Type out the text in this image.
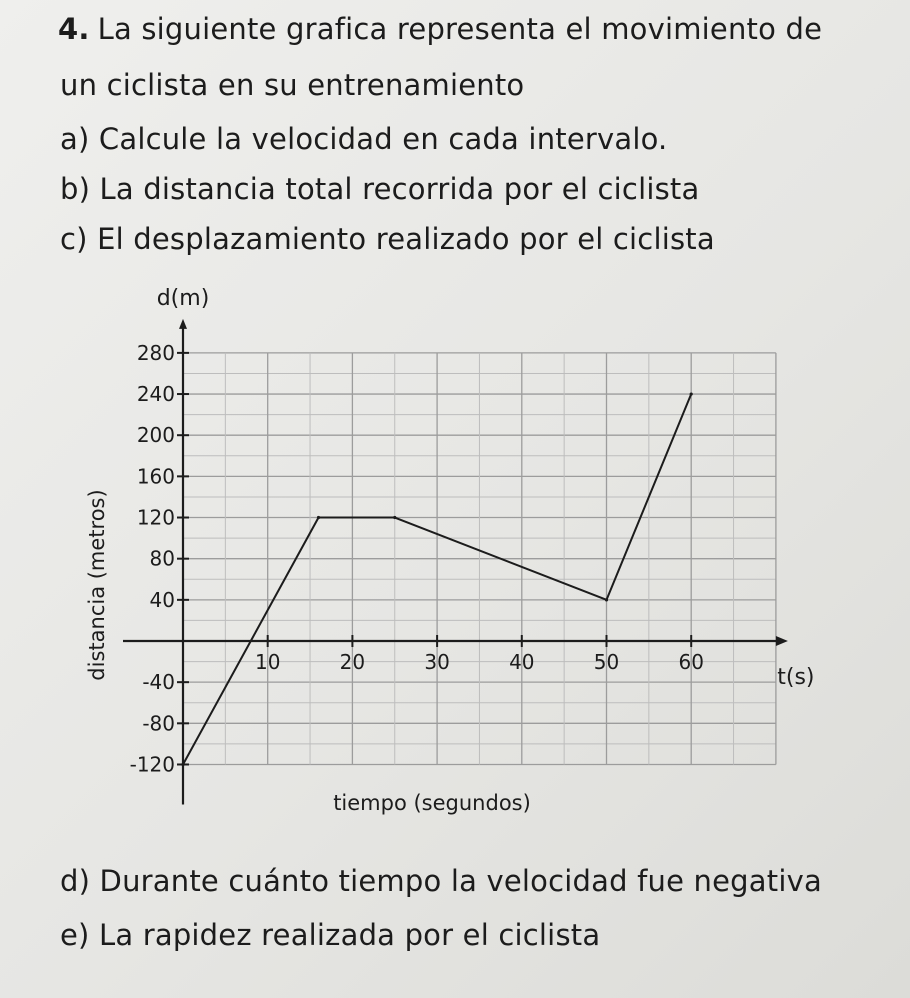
4. La siguiente grafica representa el movimiento de
un ciclista en su entrenamiento
a) Calcule la velocidad en cada intervalo.
b) La distancia total recorrida por el ciclista
c) El desplazamiento realizado por el ciclista
10	20	30	40	50	60
280
240
200
160
120
80
40
-40
-80
-120
d(m)
t(s)
distancia (metros)
tiempo (segundos)
d) Durante cuánto tiempo la velocidad fue negativa
e) La rapidez realizada por el ciclista
